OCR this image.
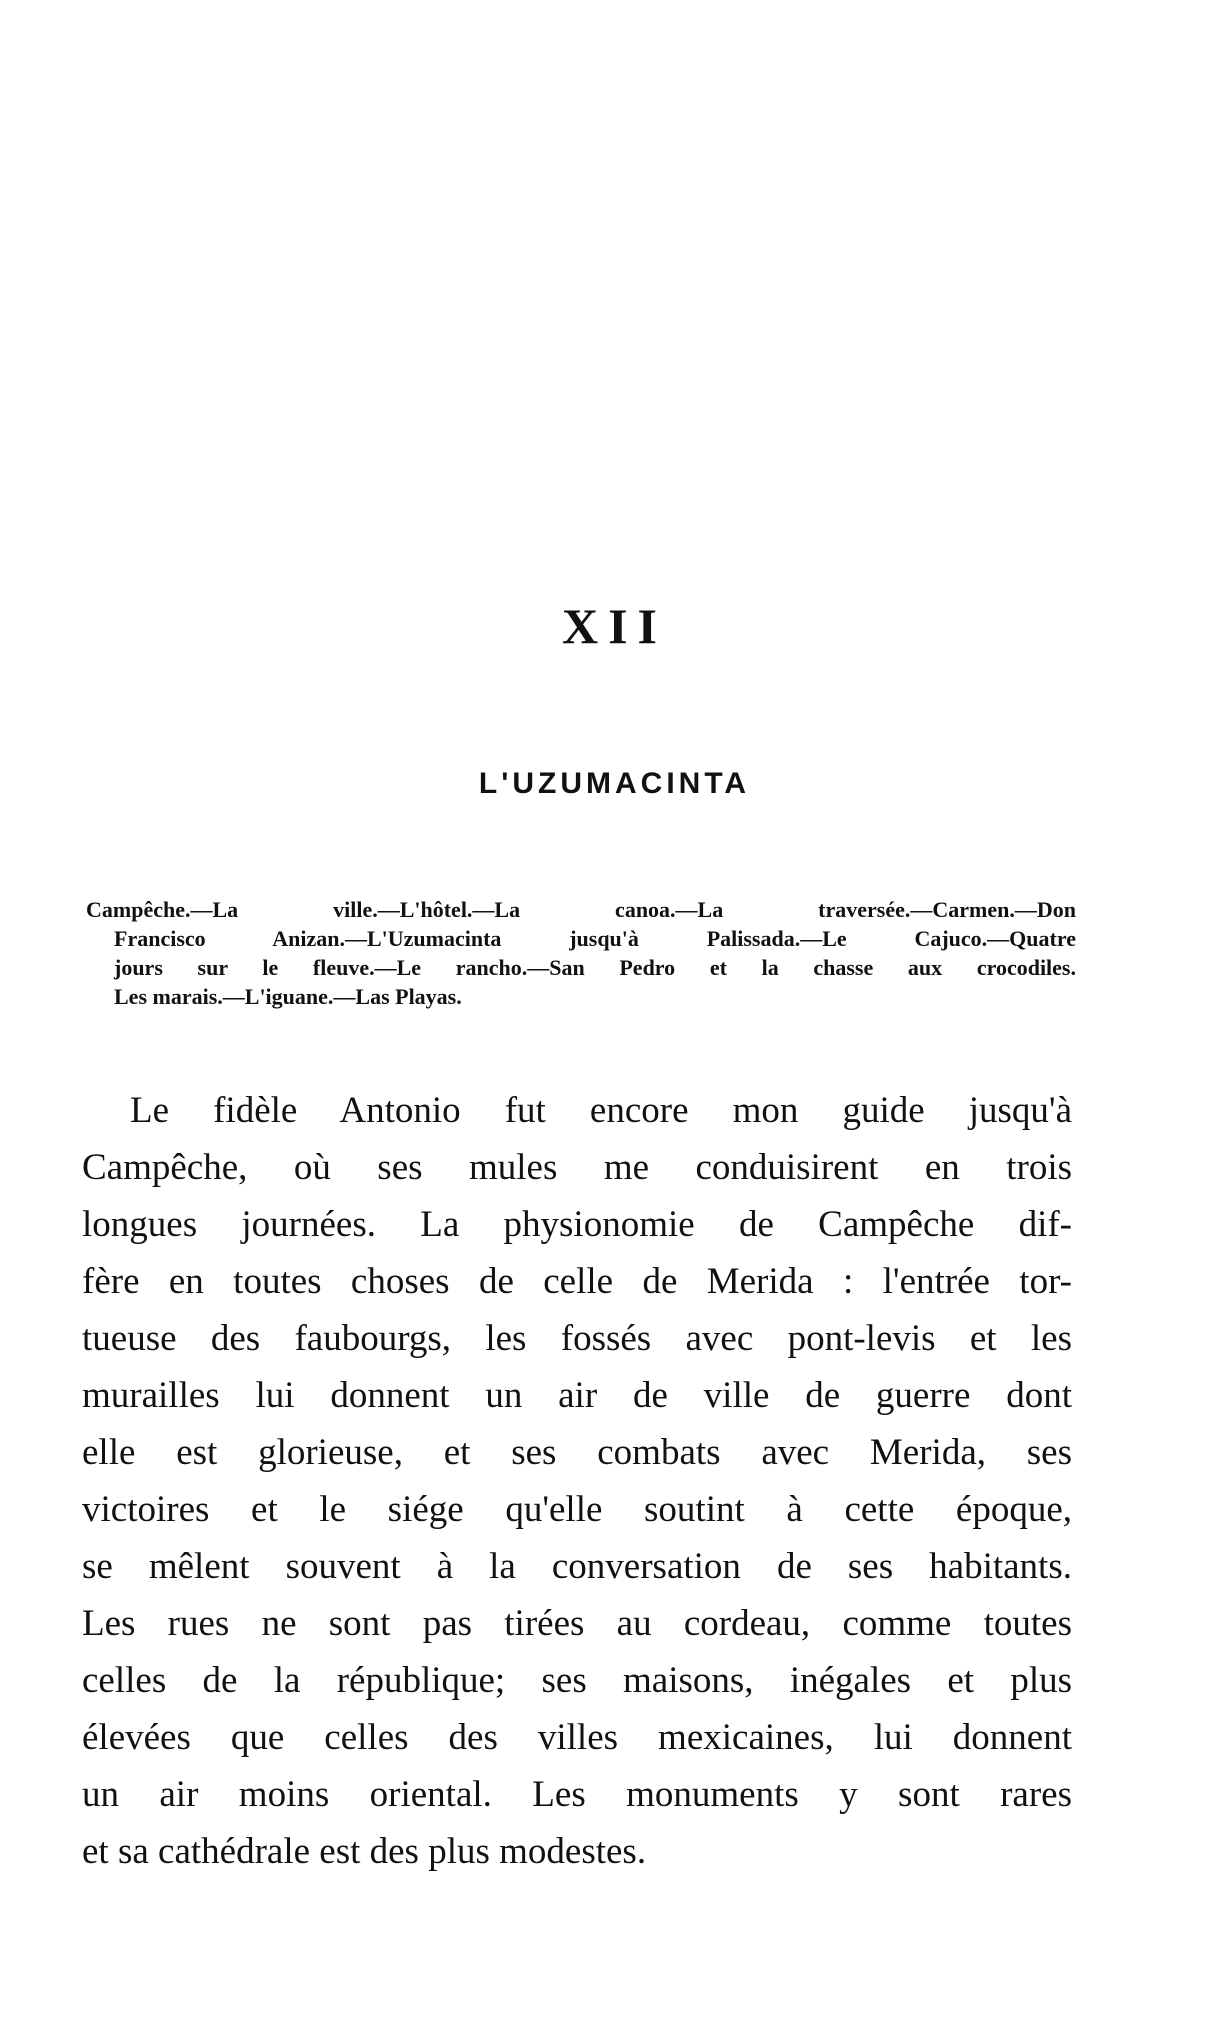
XII
L'UZUMACINTA
Campêche.—La ville.—L'hôtel.—La canoa.—La traversée.—Carmen.—Don
Francisco Anizan.—L'Uzumacinta jusqu'à Palissada.—Le Cajuco.—Quatre
jours sur le fleuve.—Le rancho.—San Pedro et la chasse aux crocodiles.
Les marais.—L'iguane.—Las Playas.
Le fidèle Antonio fut encore mon guide jusqu'à
Campêche, où ses mules me conduisirent en trois
longues journées. La physionomie de Campêche dif-
fère en toutes choses de celle de Merida : l'entrée tor-
tueuse des faubourgs, les fossés avec pont-levis et les
murailles lui donnent un air de ville de guerre dont
elle est glorieuse, et ses combats avec Merida, ses
victoires et le siége qu'elle soutint à cette époque,
se mêlent souvent à la conversation de ses habitants.
Les rues ne sont pas tirées au cordeau, comme toutes
celles de la république; ses maisons, inégales et plus
élevées que celles des villes mexicaines, lui donnent
un air moins oriental. Les monuments y sont rares
et sa cathédrale est des plus modestes.
